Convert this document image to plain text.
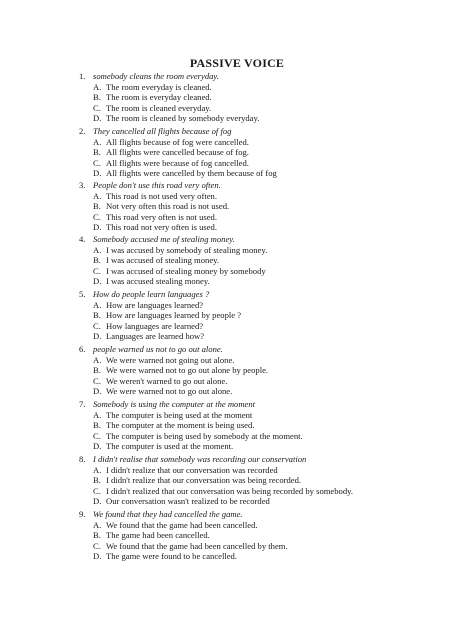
PASSIVE VOICE
1. somebody cleans the room everyday.
A. The room everyday is cleaned.
B. The room is everyday cleaned.
C. The room is cleaned everyday.
D. The room is cleaned by somebody everyday.
2. They cancelled all flights because of fog
A. All flights because of fog were cancelled.
B. All flights were cancelled because of fog.
C. All flights were because of fog cancelled.
D. All flights were cancelled by them because of fog
3. People don't use this road very often.
A. This road is not used very often.
B. Not very often this road is not used.
C. This road very often is not used.
D. This road not very often is used.
4. Somebody accused me of stealing money.
A. I was accused by somebody of stealing money.
B. I was accused of stealing money.
C. I was accused of stealing money by somebody
D. I was accused stealing money.
5. How do people learn languages ?
A. How are languages learned?
B. How are languages learned by people ?
C. How languages are learned?
D. Languages are learned how?
6. people warned us not to go out alone.
A. We were warned not going out alone.
B. We were warned not to go out alone by people.
C. We weren't warned to go out alone.
D. We were warned not to go out alone.
7. Somebody is using the computer at the moment
A. The computer is being used at the moment
B. The computer at the moment is being used.
C. The computer is being used by somebody at the moment.
D. The computer is used at the moment.
8. I didn't realise that somebody was recording our conservation
A. I didn't realize that our conversation was recorded
B. I didn't realize that our conversation was being recorded.
C. I didn't realized that our conversation was being recorded by somebody.
D. Our conversation wasn't realized to be recorded
9. We found that they had cancelled the game.
A. We found that the game had been cancelled.
B. The game had been cancelled.
C. We found that the game had been cancelled by them.
D. The game were found to be cancelled.
